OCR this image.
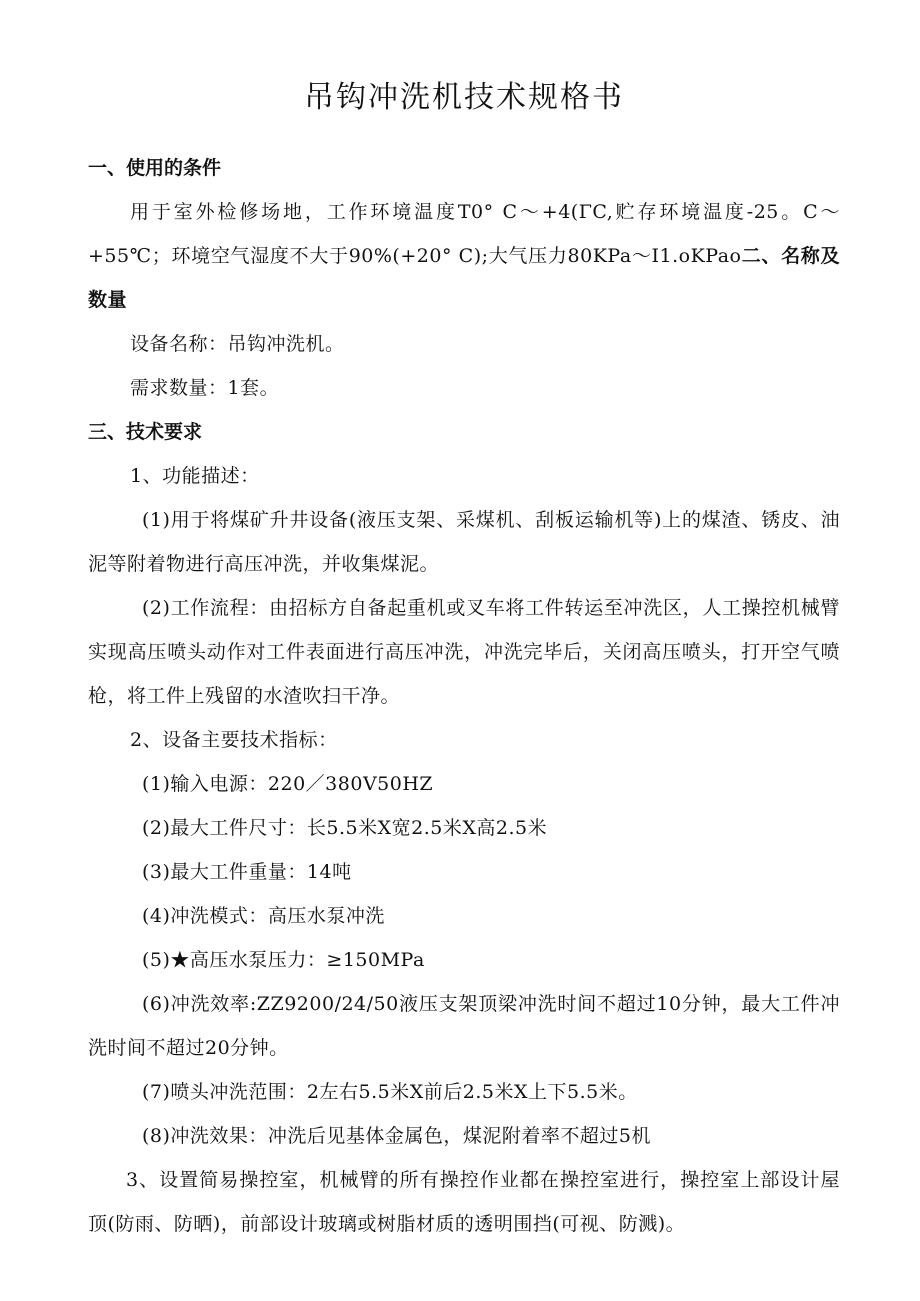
吊钩冲洗机技术规格书

一、使用的条件

用于室外检修场地，工作环境温度T0° C～+4(ΓC,贮存环境温度-25。C～+55℃；环境空气湿度不大于90%(+20° C);大气压力80KPa～I1.oKPao二、名称及数量

设备名称：吊钩冲洗机。

需求数量：1套。

三、技术要求

1、功能描述：

(1)用于将煤矿升井设备(液压支架、采煤机、刮板运输机等)上的煤渣、锈皮、油泥等附着物进行高压冲洗，并收集煤泥。

(2)工作流程：由招标方自备起重机或叉车将工件转运至冲洗区，人工操控机械臂实现高压喷头动作对工件表面进行高压冲洗，冲洗完毕后，关闭高压喷头，打开空气喷枪，将工件上残留的水渣吹扫干净。

2、设备主要技术指标：

(1)输入电源：220／380V50HZ

(2)最大工件尺寸：长5.5米X宽2.5米X高2.5米

(3)最大工件重量：14吨

(4)冲洗模式：高压水泵冲洗

(5)★高压水泵压力：≥150MPa

(6)冲洗效率:ZZ9200/24/50液压支架顶梁冲洗时间不超过10分钟，最大工件冲洗时间不超过20分钟。

(7)喷头冲洗范围：2左右5.5米X前后2.5米X上下5.5米。

(8)冲洗效果：冲洗后见基体金属色，煤泥附着率不超过5机

3、设置简易操控室，机械臂的所有操控作业都在操控室进行，操控室上部设计屋顶(防雨、防晒)，前部设计玻璃或树脂材质的透明围挡(可视、防溅)。
